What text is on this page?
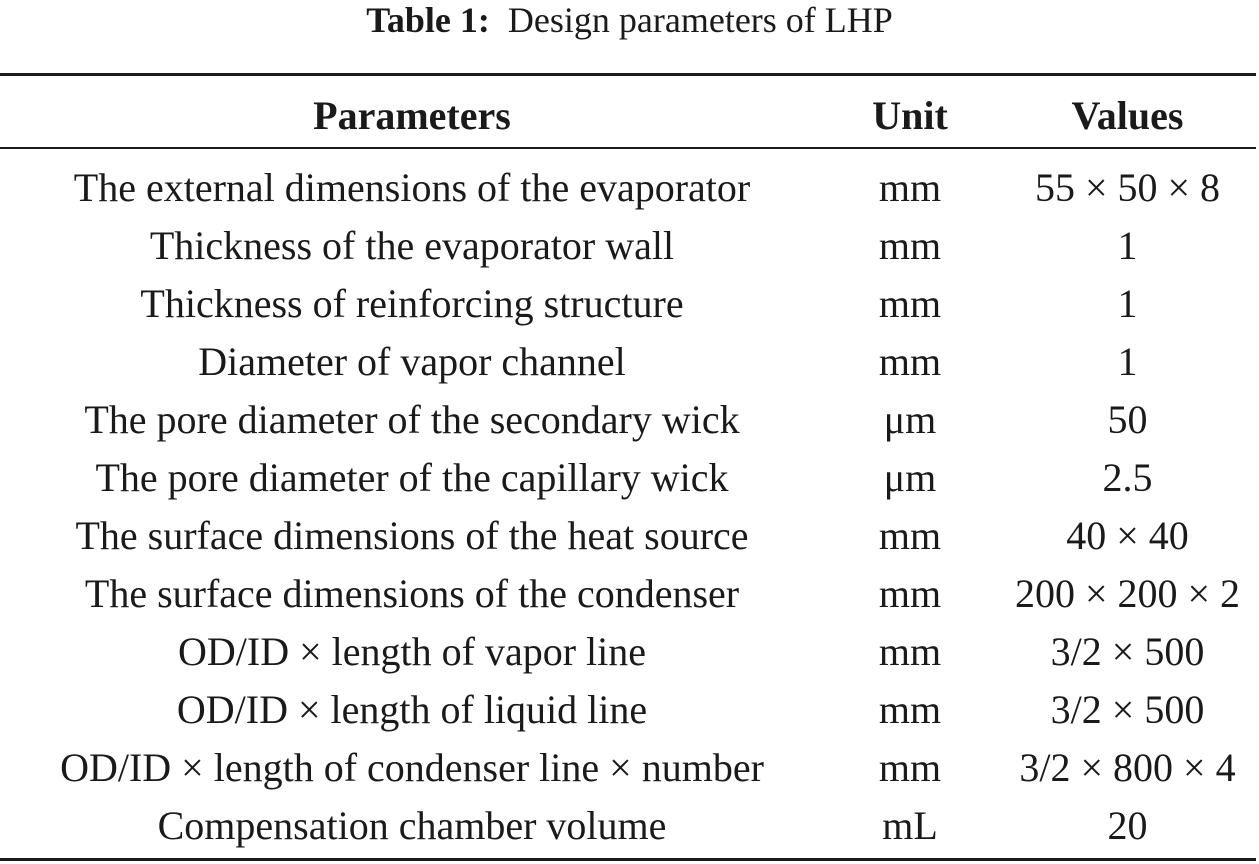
Table 1: Design parameters of LHP
Parameters	Unit	Values
The external dimensions of the evaporator	mm	55 × 50 × 8
Thickness of the evaporator wall	mm	1
Thickness of reinforcing structure	mm	1
Diameter of vapor channel	mm	1
The pore diameter of the secondary wick	μm	50
The pore diameter of the capillary wick	μm	2.5
The surface dimensions of the heat source	mm	40 × 40
The surface dimensions of the condenser	mm	200 × 200 × 2
OD/ID × length of vapor line	mm	3/2 × 500
OD/ID × length of liquid line	mm	3/2 × 500
OD/ID × length of condenser line × number	mm	3/2 × 800 × 4
Compensation chamber volume	mL	20
